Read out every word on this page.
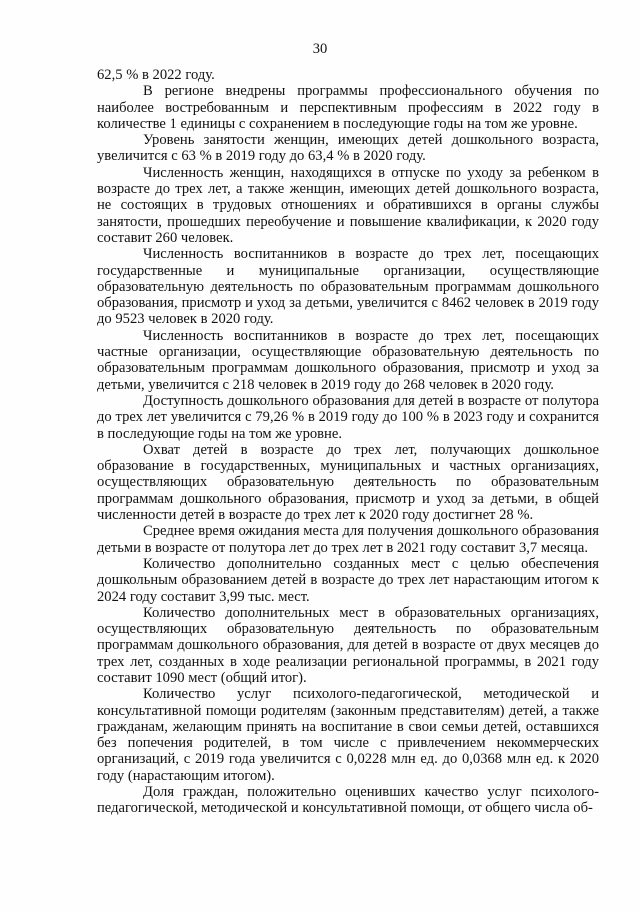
30

62,5 % в 2022 году.

В регионе внедрены программы профессионального обучения по наиболее востребованным и перспективным профессиям в 2022 году в количестве 1 единицы с сохранением в последующие годы на том же уровне.

Уровень занятости женщин, имеющих детей дошкольного возраста, увеличится с 63 % в 2019 году до 63,4 % в 2020 году.

Численность женщин, находящихся в отпуске по уходу за ребенком в возрасте до трех лет, а также женщин, имеющих детей дошкольного возраста, не состоящих в трудовых отношениях и обратившихся в органы службы занятости, прошедших переобучение и повышение квалификации, к 2020 году составит 260 человек.

Численность воспитанников в возрасте до трех лет, посещающих государственные и муниципальные организации, осуществляющие образовательную деятельность по образовательным программам дошкольного образования, присмотр и уход за детьми, увеличится с 8462 человек в 2019 году до 9523 человек в 2020 году.

Численность воспитанников в возрасте до трех лет, посещающих частные организации, осуществляющие образовательную деятельность по образовательным программам дошкольного образования, присмотр и уход за детьми, увеличится с 218 человек в 2019 году до 268 человек в 2020 году.

Доступность дошкольного образования для детей в возрасте от полутора до трех лет увеличится с 79,26 % в 2019 году до 100 % в 2023 году и сохранится в последующие годы на том же уровне.

Охват детей в возрасте до трех лет, получающих дошкольное образование в государственных, муниципальных и частных организациях, осуществляющих образовательную деятельность по образовательным программам дошкольного образования, присмотр и уход за детьми, в общей численности детей в возрасте до трех лет к 2020 году достигнет 28 %.

Среднее время ожидания места для получения дошкольного образования детьми в возрасте от полутора лет до трех лет в 2021 году составит 3,7 месяца.

Количество дополнительно созданных мест с целью обеспечения дошкольным образованием детей в возрасте до трех лет нарастающим итогом к 2024 году составит 3,99 тыс. мест.

Количество дополнительных мест в образовательных организациях, осуществляющих образовательную деятельность по образовательным программам дошкольного образования, для детей в возрасте от двух месяцев до трех лет, созданных в ходе реализации региональной программы, в 2021 году составит 1090 мест (общий итог).

Количество услуг психолого-педагогической, методической и консультативной помощи родителям (законным представителям) детей, а также гражданам, желающим принять на воспитание в свои семьи детей, оставшихся без попечения родителей, в том числе с привлечением некоммерческих организаций, с 2019 года увеличится с 0,0228 млн ед. до 0,0368 млн ед. к 2020 году (нарастающим итогом).

Доля граждан, положительно оценивших качество услуг психолого-педагогической, методической и консультативной помощи, от общего числа об-
